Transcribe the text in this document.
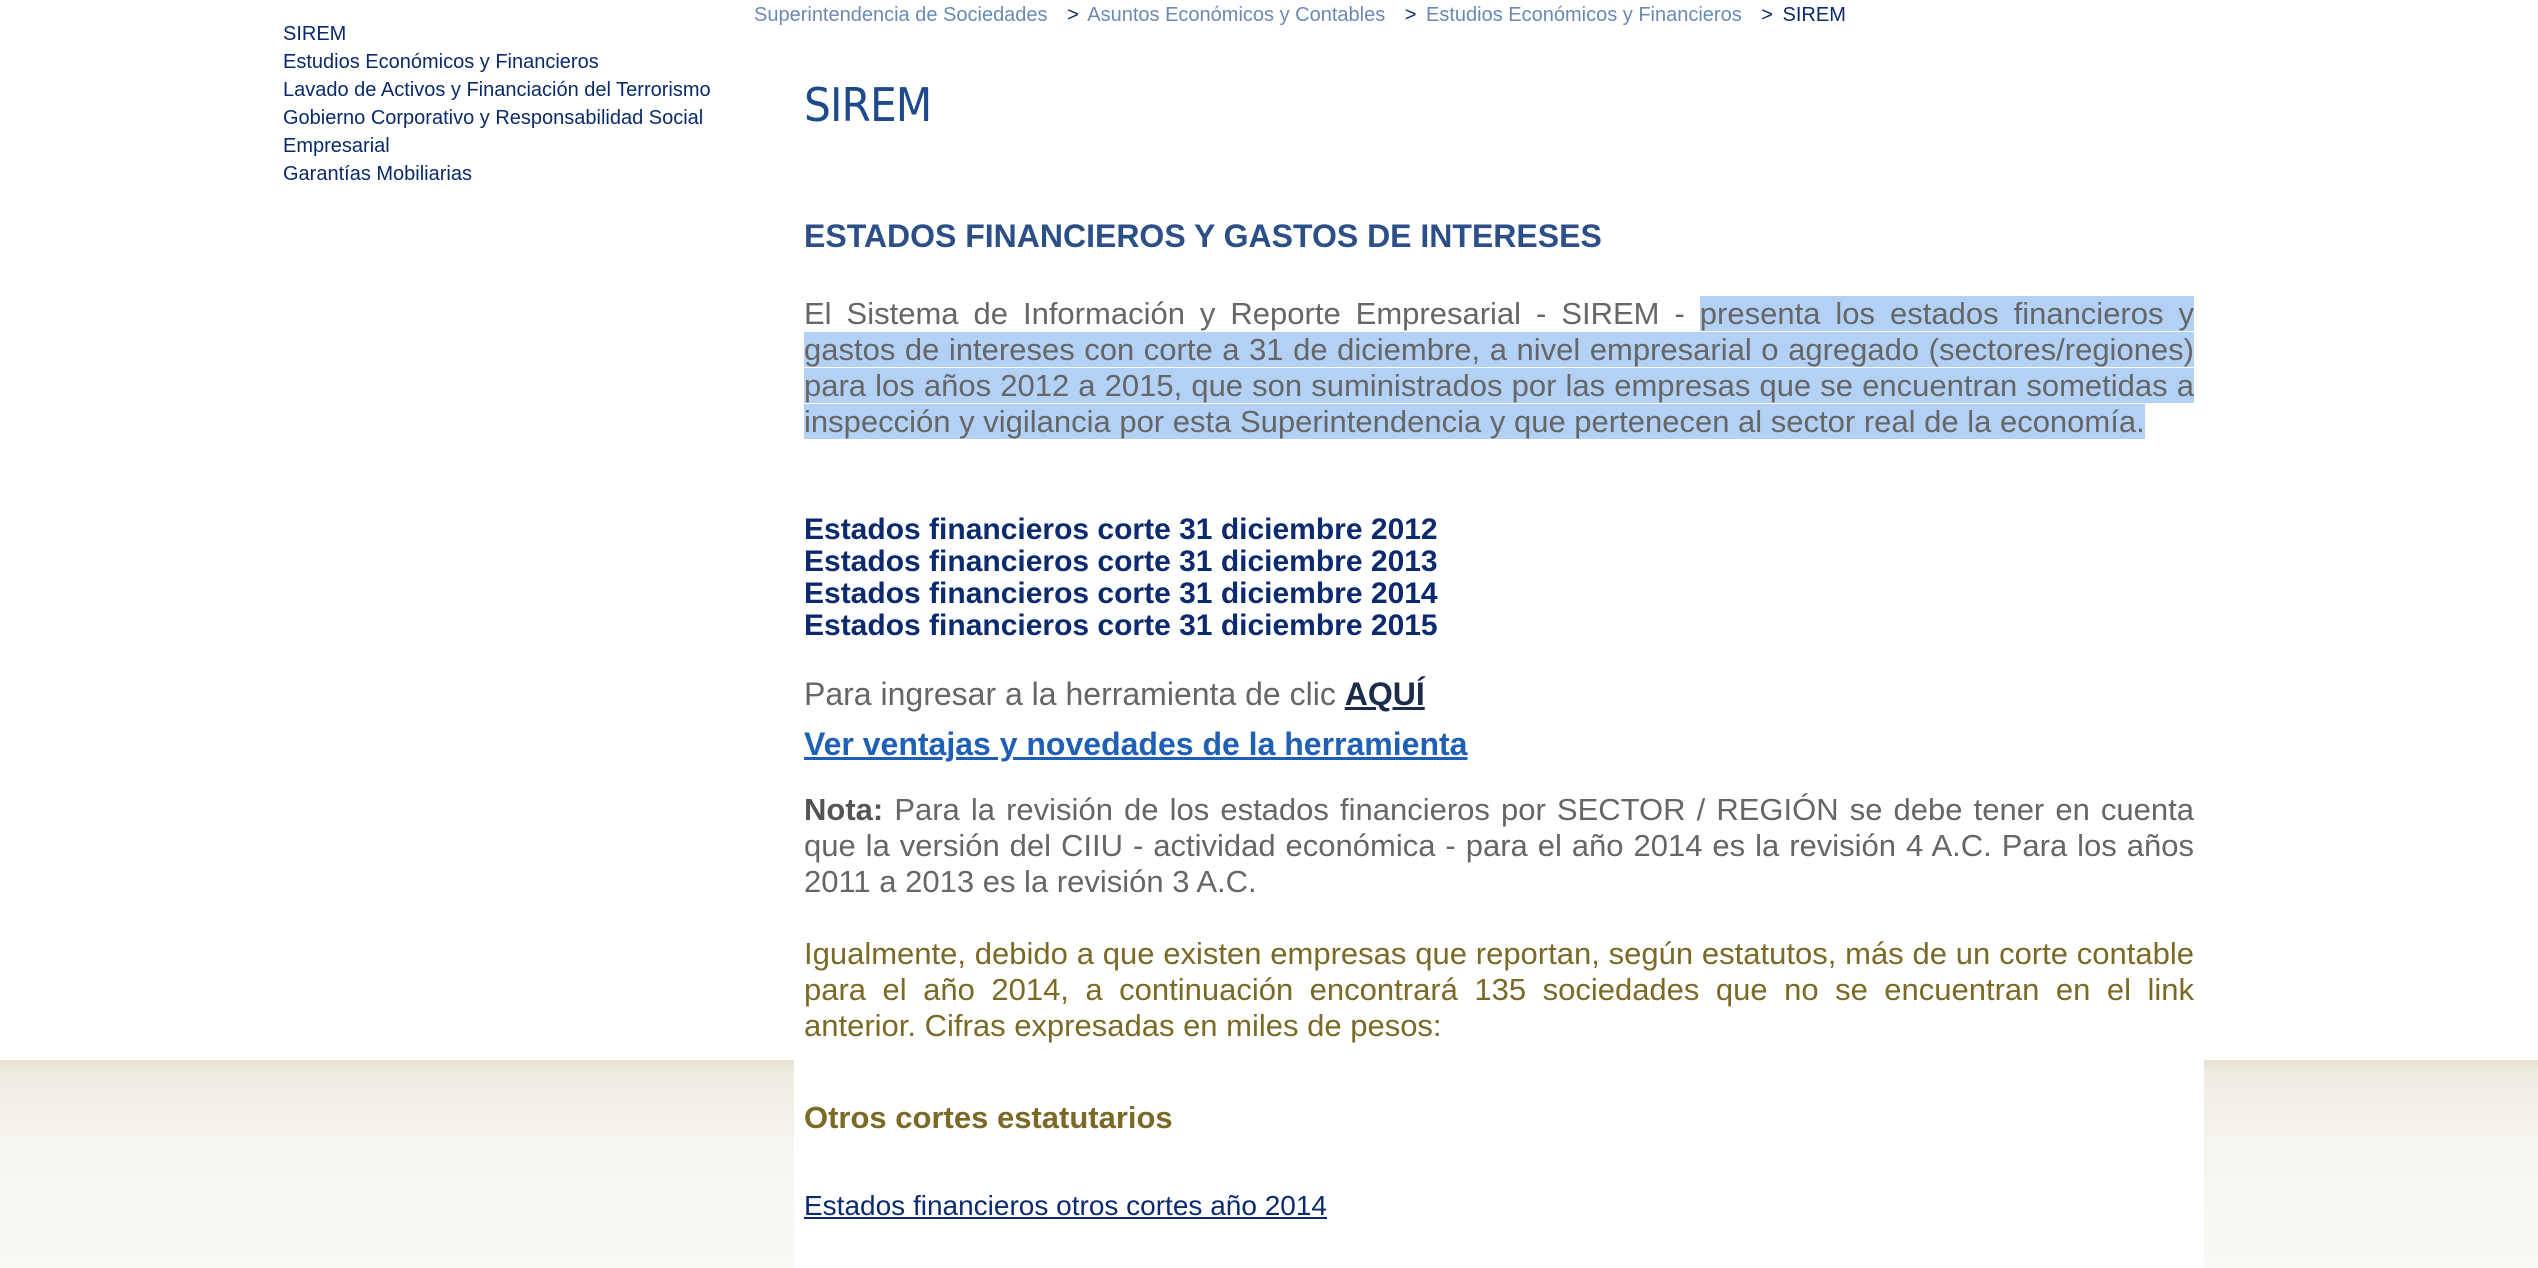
SIREM
Estudios Económicos y Financieros
Lavado de Activos y Financiación del Terrorismo
Gobierno Corporativo y Responsabilidad Social Empresarial
Garantías Mobiliarias
Superintendencia de Sociedades > Asuntos Económicos y Contables > Estudios Económicos y Financieros > SIREM
SIREM
ESTADOS FINANCIEROS Y GASTOS DE INTERESES

El Sistema de Información y Reporte Empresarial - SIREM - presenta los estados financieros y gastos de intereses con corte a 31 de diciembre, a nivel empresarial o agregado (sectores/regiones) para los años 2012 a 2015, que son suministrados por las empresas que se encuentran sometidas a inspección y vigilancia por esta Superintendencia y que pertenecen al sector real de la economía.

Estados financieros corte 31 diciembre 2012
Estados financieros corte 31 diciembre 2013
Estados financieros corte 31 diciembre 2014
Estados financieros corte 31 diciembre 2015

Para ingresar a la herramienta de clic AQUÍ

Ver ventajas y novedades de la herramienta

Nota: Para la revisión de los estados financieros por SECTOR / REGIÓN se debe tener en cuenta que la versión del CIIU - actividad económica - para el año 2014 es la revisión 4 A.C. Para los años 2011 a 2013 es la revisión 3 A.C.

Igualmente, debido a que existen empresas que reportan, según estatutos, más de un corte contable para el año 2014, a continuación encontrará 135 sociedades que no se encuentran en el link anterior. Cifras expresadas en miles de pesos:

Otros cortes estatutarios
Estados financieros otros cortes año 2014
